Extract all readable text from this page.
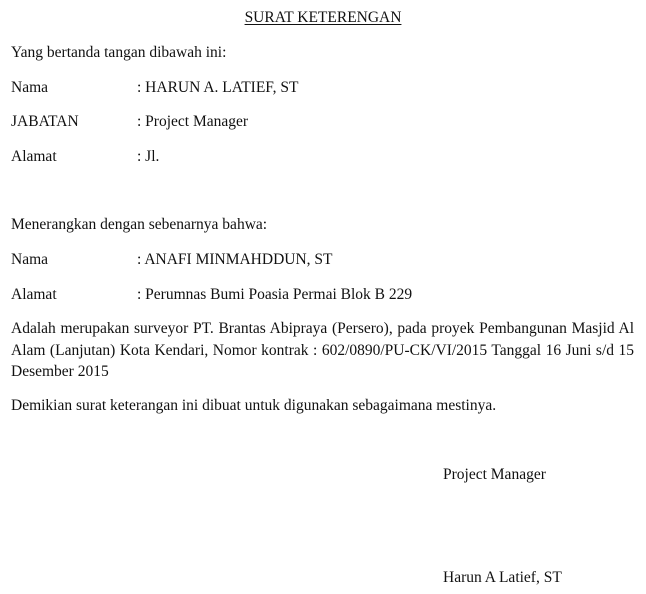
SURAT KETERENGAN
Yang bertanda tangan dibawah ini:
Nama	: HARUN A. LATIEF, ST
JABATAN	: Project Manager
Alamat	: Jl.
Menerangkan dengan sebenarnya bahwa:
Nama	: ANAFI MINMAHDDUN, ST
Alamat	: Perumnas Bumi Poasia Permai Blok B 229
Adalah merupakan surveyor PT. Brantas Abipraya (Persero), pada proyek Pembangunan Masjid Al Alam (Lanjutan) Kota Kendari, Nomor kontrak : 602/0890/PU-CK/VI/2015 Tanggal 16 Juni s/d 15 Desember 2015
Demikian surat keterangan ini dibuat untuk digunakan sebagaimana mestinya.
Project Manager
Harun A Latief, ST
